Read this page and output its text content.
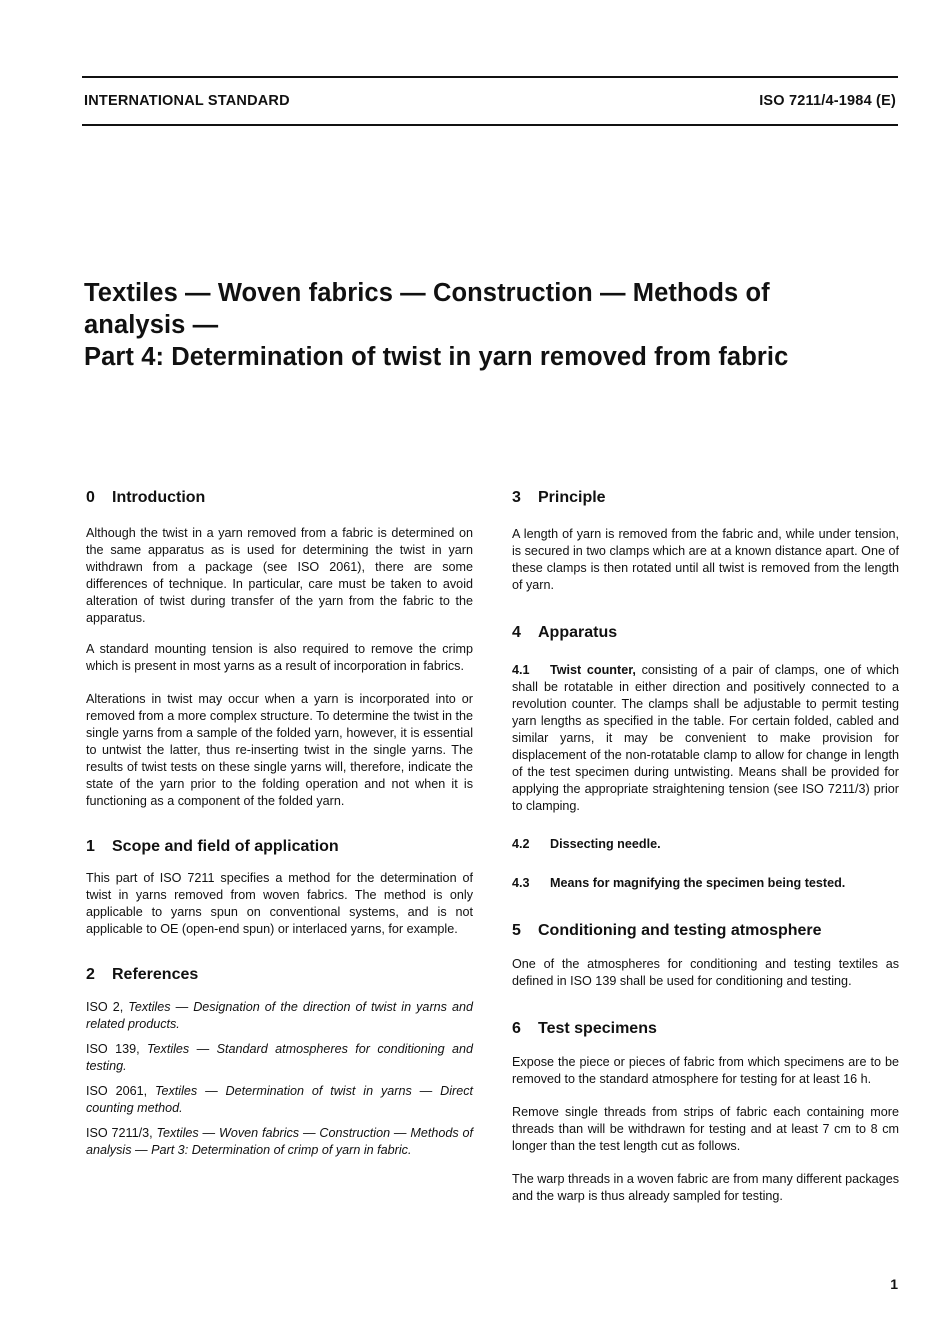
INTERNATIONAL STANDARD	ISO 7211/4-1984 (E)
Textiles — Woven fabrics — Construction — Methods of
analysis —
Part 4: Determination of twist in yarn removed from fabric
0 Introduction

Although the twist in a yarn removed from a fabric is determined on the same apparatus as is used for determining the twist in yarn withdrawn from a package (see ISO 2061), there are some differences of technique. In particular, care must be taken to avoid alteration of twist during transfer of the yarn from the fabric to the apparatus.

A standard mounting tension is also required to remove the crimp which is present in most yarns as a result of incorporation in fabrics.

Alterations in twist may occur when a yarn is incorporated into or removed from a more complex structure. To determine the twist in the single yarns from a sample of the folded yarn, however, it is essential to untwist the latter, thus re-inserting twist in the single yarns. The results of twist tests on these single yarns will, therefore, indicate the state of the yarn prior to the folding operation and not when it is functioning as a component of the folded yarn.

1 Scope and field of application

This part of ISO 7211 specifies a method for the determination of twist in yarns removed from woven fabrics. The method is only applicable to yarns spun on conventional systems, and is not applicable to OE (open-end spun) or interlaced yarns, for example.

2 References

ISO 2, Textiles — Designation of the direction of twist in yarns and related products.

ISO 139, Textiles — Standard atmospheres for conditioning and testing.

ISO 2061, Textiles — Determination of twist in yarns — Direct counting method.

ISO 7211/3, Textiles — Woven fabrics — Construction — Methods of analysis — Part 3: Determination of crimp of yarn in fabric.

3 Principle

A length of yarn is removed from the fabric and, while under tension, is secured in two clamps which are at a known distance apart. One of these clamps is then rotated until all twist is removed from the length of yarn.

4 Apparatus

4.1 Twist counter, consisting of a pair of clamps, one of which shall be rotatable in either direction and positively connected to a revolution counter. The clamps shall be adjustable to permit testing yarn lengths as specified in the table. For certain folded, cabled and similar yarns, it may be convenient to make provision for displacement of the non-rotatable clamp to allow for change in length of the test specimen during untwisting. Means shall be provided for applying the appropriate straightening tension (see ISO 7211/3) prior to clamping.

4.2 Dissecting needle.

4.3 Means for magnifying the specimen being tested.

5 Conditioning and testing atmosphere

One of the atmospheres for conditioning and testing textiles as defined in ISO 139 shall be used for conditioning and testing.

6 Test specimens

Expose the piece or pieces of fabric from which specimens are to be removed to the standard atmosphere for testing for at least 16 h.

Remove single threads from strips of fabric each containing more threads than will be withdrawn for testing and at least 7 cm to 8 cm longer than the test length cut as follows.

The warp threads in a woven fabric are from many different packages and the warp is thus already sampled for testing.

1
